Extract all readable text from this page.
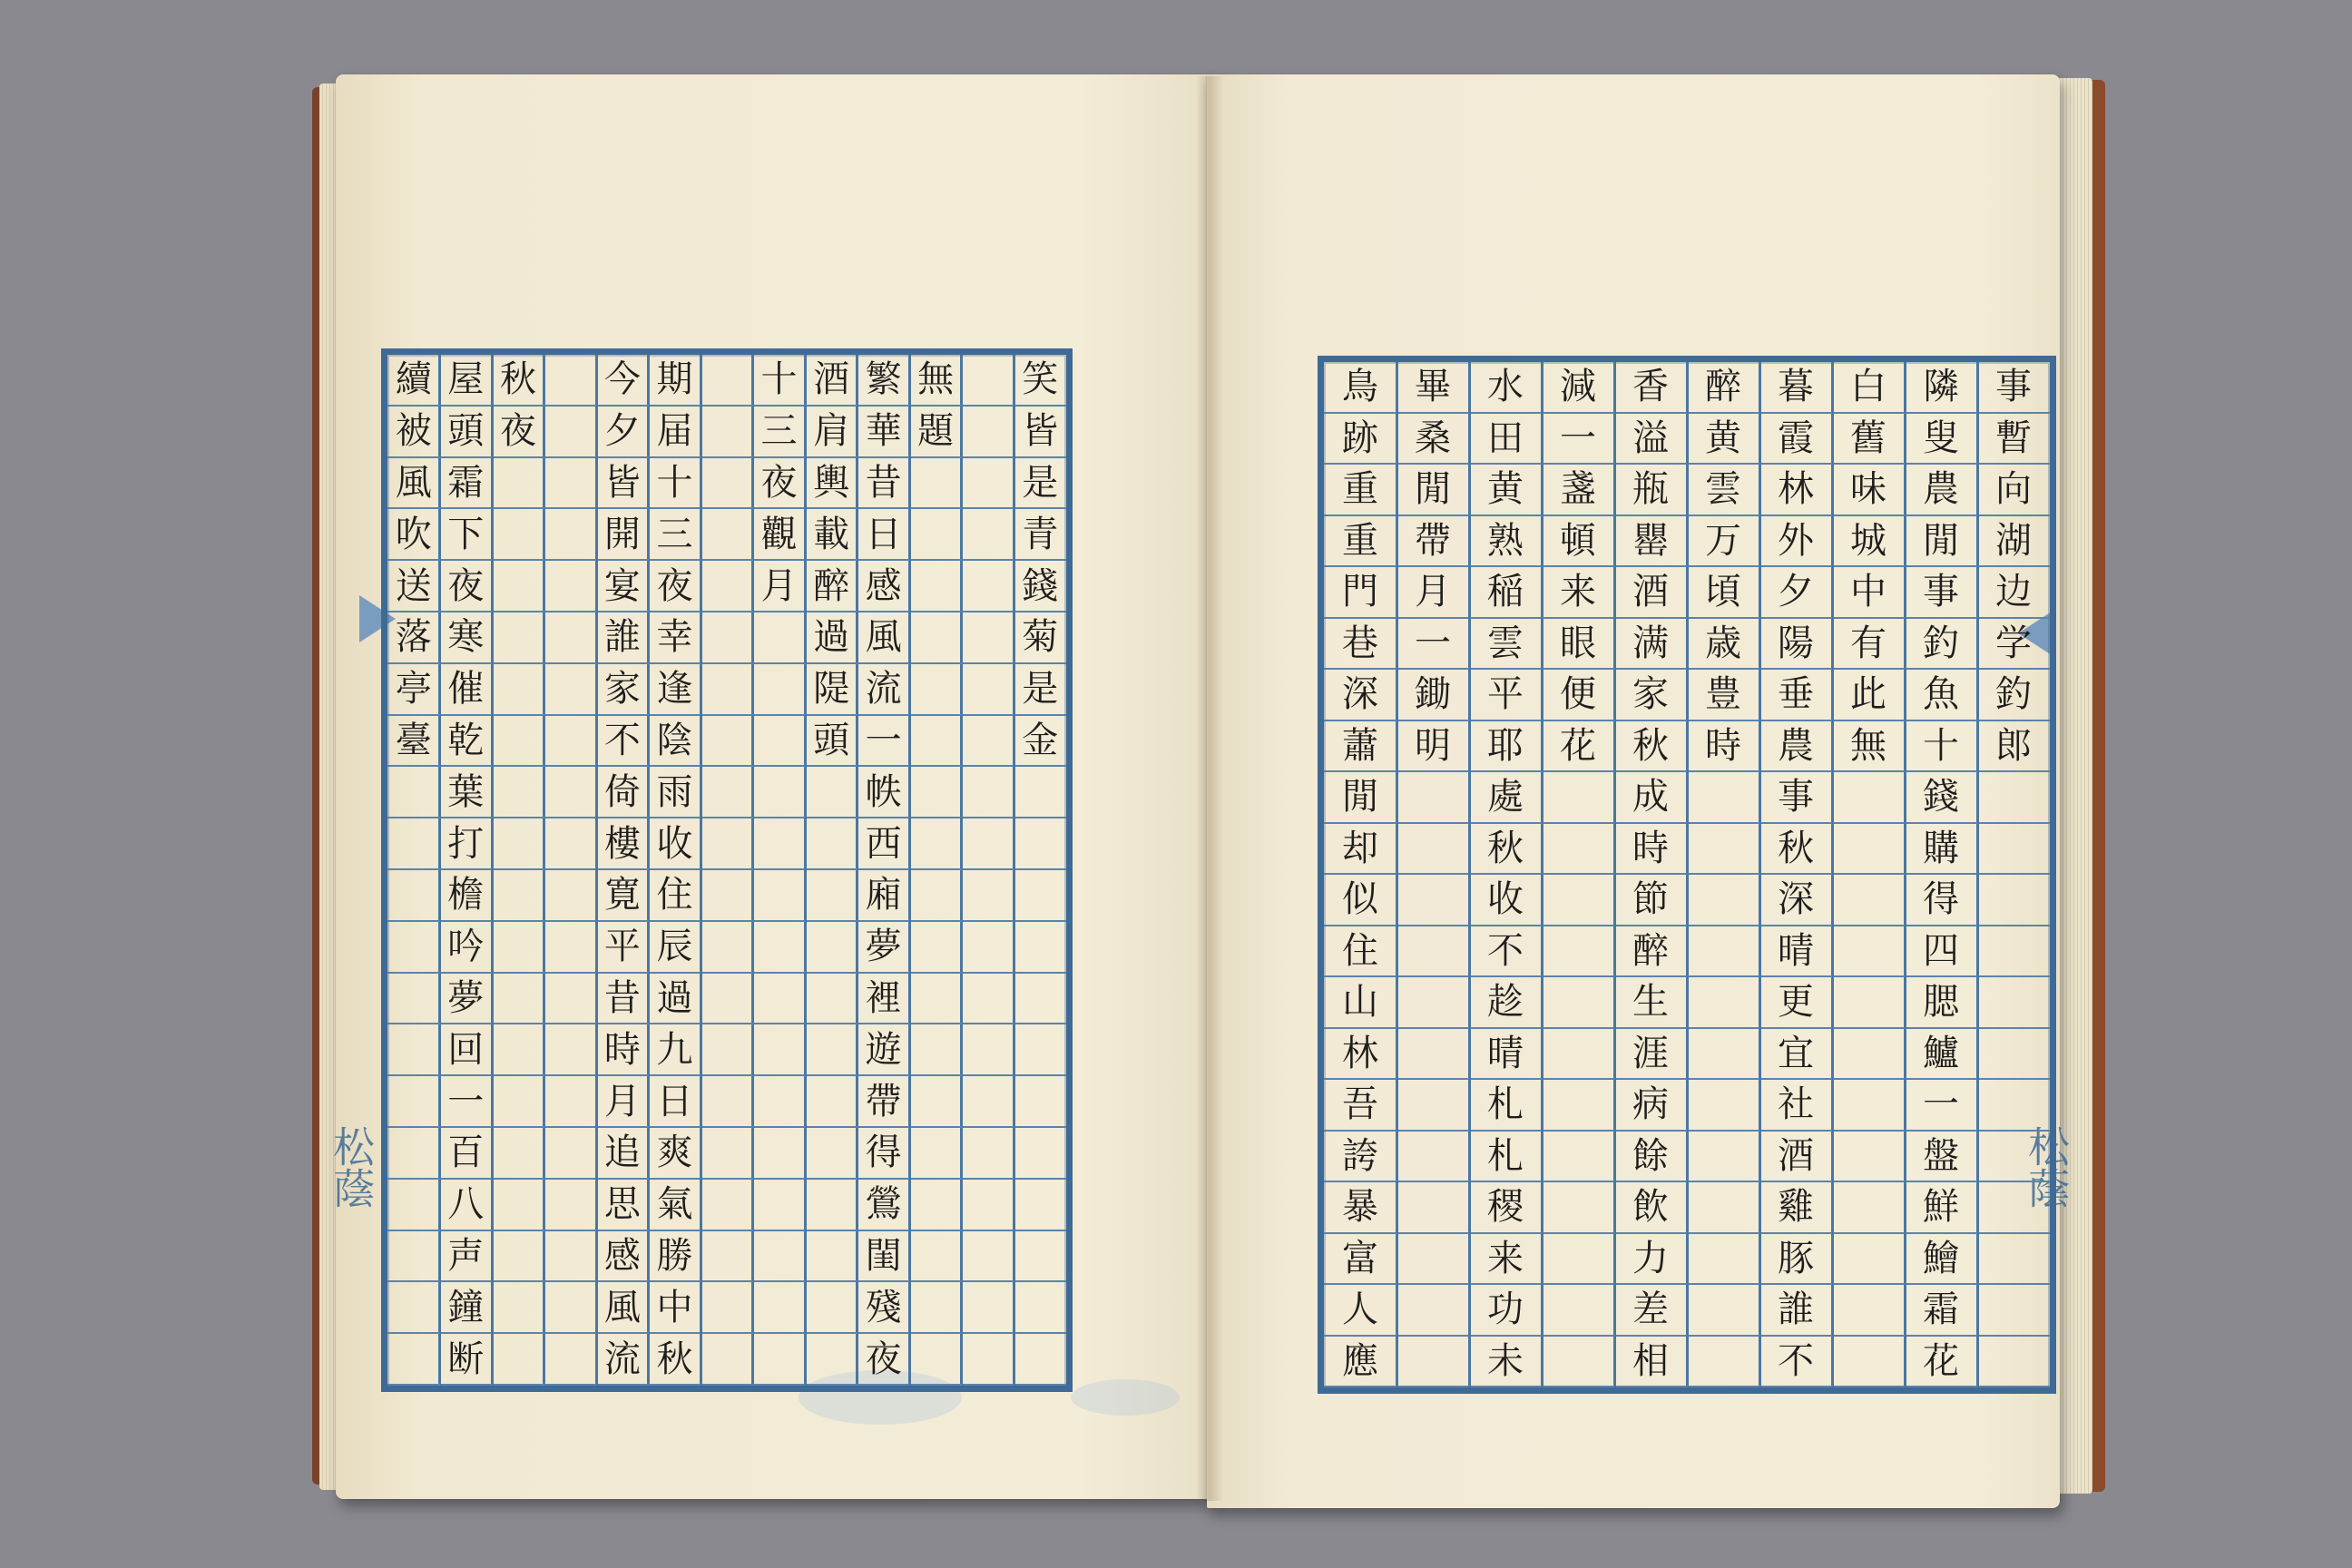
松蔭	松蔭
笑
皆
是
青
錢
菊
是
金
無
題
繁
華
昔
日
感
風
流
一
帙
西
廂
夢
裡
遊
帶
得
鶯
閨
殘
夜
酒
肩
輿
載
醉
過
隄
頭
十
三
夜
觀
月
期
届
十
三
夜
幸
逢
陰
雨
收
住
辰
過
九
日
爽
氣
勝
中
秋
今
夕
皆
開
宴
誰
家
不
倚
樓
寛
平
昔
時
月
追
思
感
風
流
秋
夜
屋
頭
霜
下
夜
寒
催
乾
葉
打
檐
吟
夢
回
一
百
八
声
鐘
断
續
被
風
吹
送
落
亭
臺
事
暫
向
湖
边
学
釣
郎
隣
叟
農
閒
事
釣
魚
十
錢
購
得
四
腮
鱸
一
盤
鮮
鱠
霜
花
白
舊
味
城
中
有
此
無
暮
霞
林
外
夕
陽
垂
農
事
秋
深
晴
更
宜
社
酒
雞
豚
誰
不
醉
黄
雲
万
頃
歳
豊
時
香
溢
瓶
罌
酒
满
家
秋
成
時
節
醉
生
涯
病
餘
飲
力
差
相
減
一
盞
頓
来
眼
便
花
水
田
黄
熟
稲
雲
平
耶
處
秋
收
不
趁
晴
札
札
稷
来
功
未
畢
桑
閒
帶
月
一
鋤
明
鳥
跡
重
重
門
巷
深
蕭
閒
却
似
住
山
林
吾
誇
暴
富
人
應
